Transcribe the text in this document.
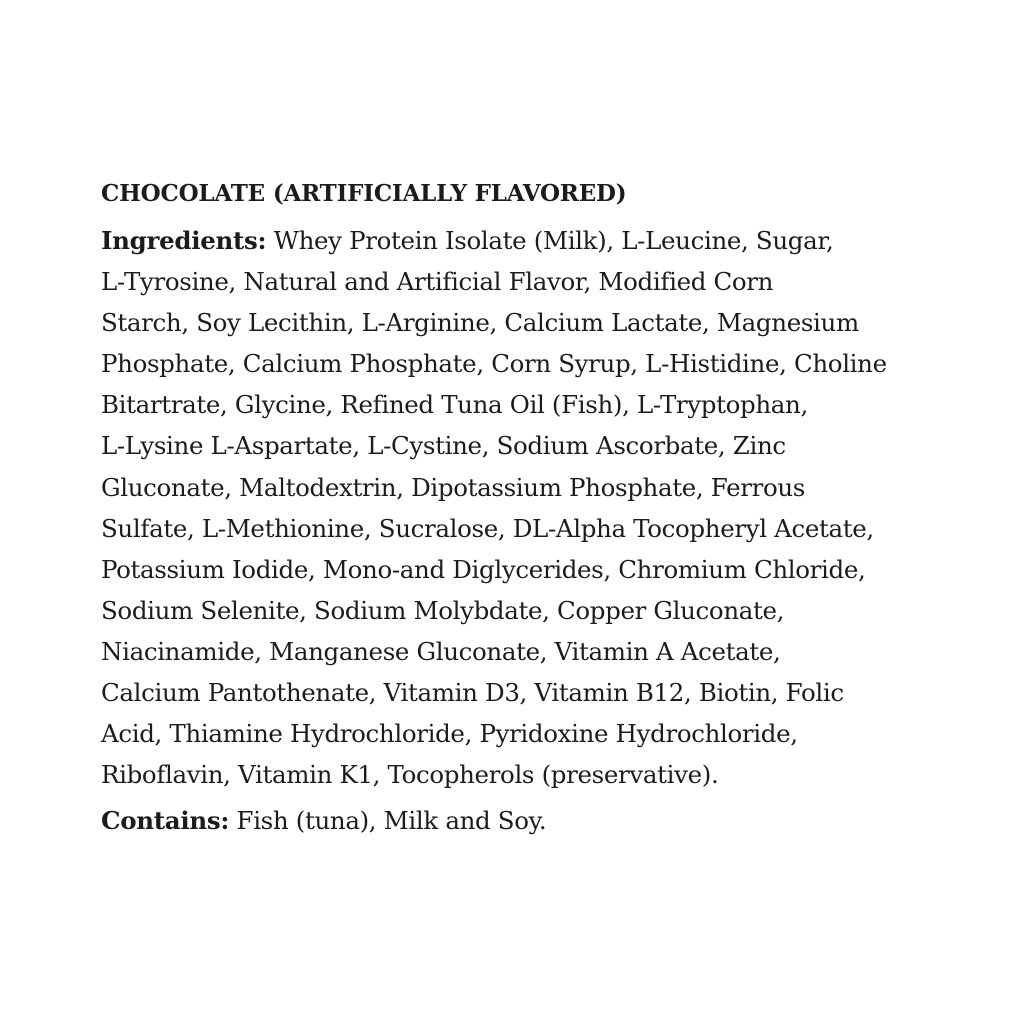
CHOCOLATE (ARTIFICIALLY FLAVORED)
Ingredients: Whey Protein Isolate (Milk), L-Leucine, Sugar,
L-Tyrosine, Natural and Artificial Flavor, Modified Corn
Starch, Soy Lecithin, L-Arginine, Calcium Lactate, Magnesium
Phosphate, Calcium Phosphate, Corn Syrup, L-Histidine, Choline
Bitartrate, Glycine, Refined Tuna Oil (Fish), L-Tryptophan,
L-Lysine L-Aspartate, L-Cystine, Sodium Ascorbate, Zinc
Gluconate, Maltodextrin, Dipotassium Phosphate, Ferrous
Sulfate, L-Methionine, Sucralose, DL-Alpha Tocopheryl Acetate,
Potassium Iodide, Mono-and Diglycerides, Chromium Chloride,
Sodium Selenite, Sodium Molybdate, Copper Gluconate,
Niacinamide, Manganese Gluconate, Vitamin A Acetate,
Calcium Pantothenate, Vitamin D3, Vitamin B12, Biotin, Folic
Acid, Thiamine Hydrochloride, Pyridoxine Hydrochloride,
Riboflavin, Vitamin K1, Tocopherols (preservative).
Contains: Fish (tuna), Milk and Soy.
